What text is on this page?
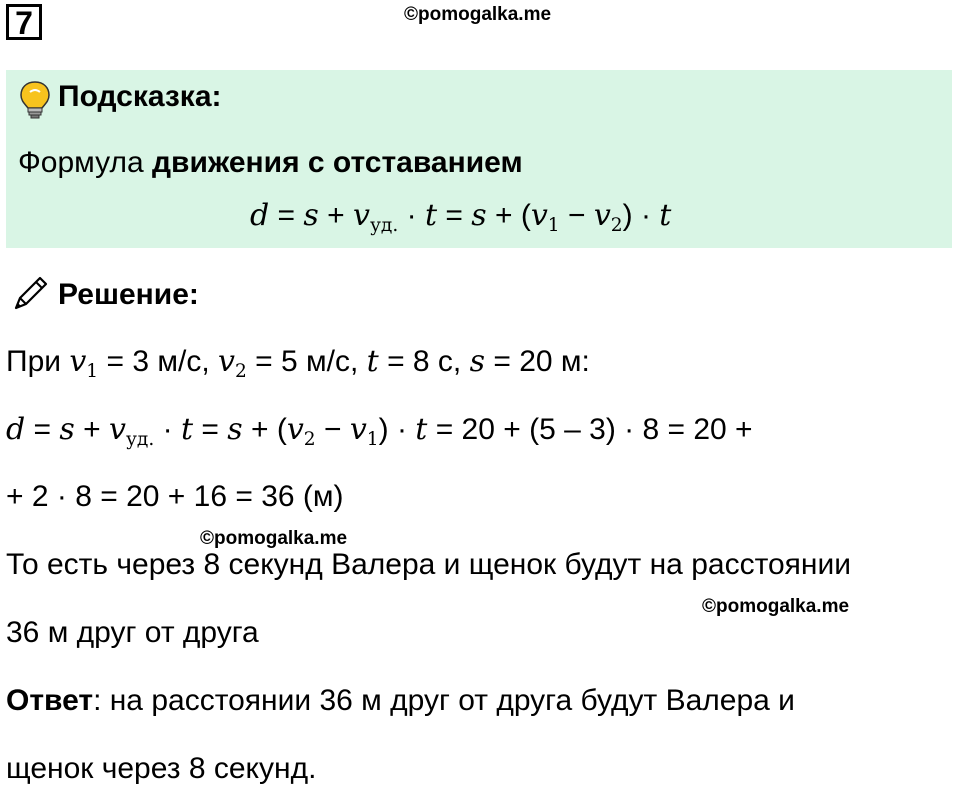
7	©pomogalka.me
Подсказка:
Формула движения с отставанием
$d = s + v_{уд.} \cdot t = s + (v_1 - v_2) \cdot t$
Решение:
При $v_1 = 3$ м/с, $v_2 = 5$ м/с, t = 8 с, s = 20 м:
$d = s + v_{уд.} \cdot t = s + (v_2 - v_1) \cdot t = 20 + (5 - 3) \cdot 8 = 20$ +
+ 2 · 8 = 20 + 16 = 36 (м)
©pomogalka.me
То есть через 8 секунд Валера и щенок будут на расстоянии
©pomogalka.me
36 м друг от друга
Ответ: на расстоянии 36 м друг от друга будут Валера и
щенок через 8 секунд.
